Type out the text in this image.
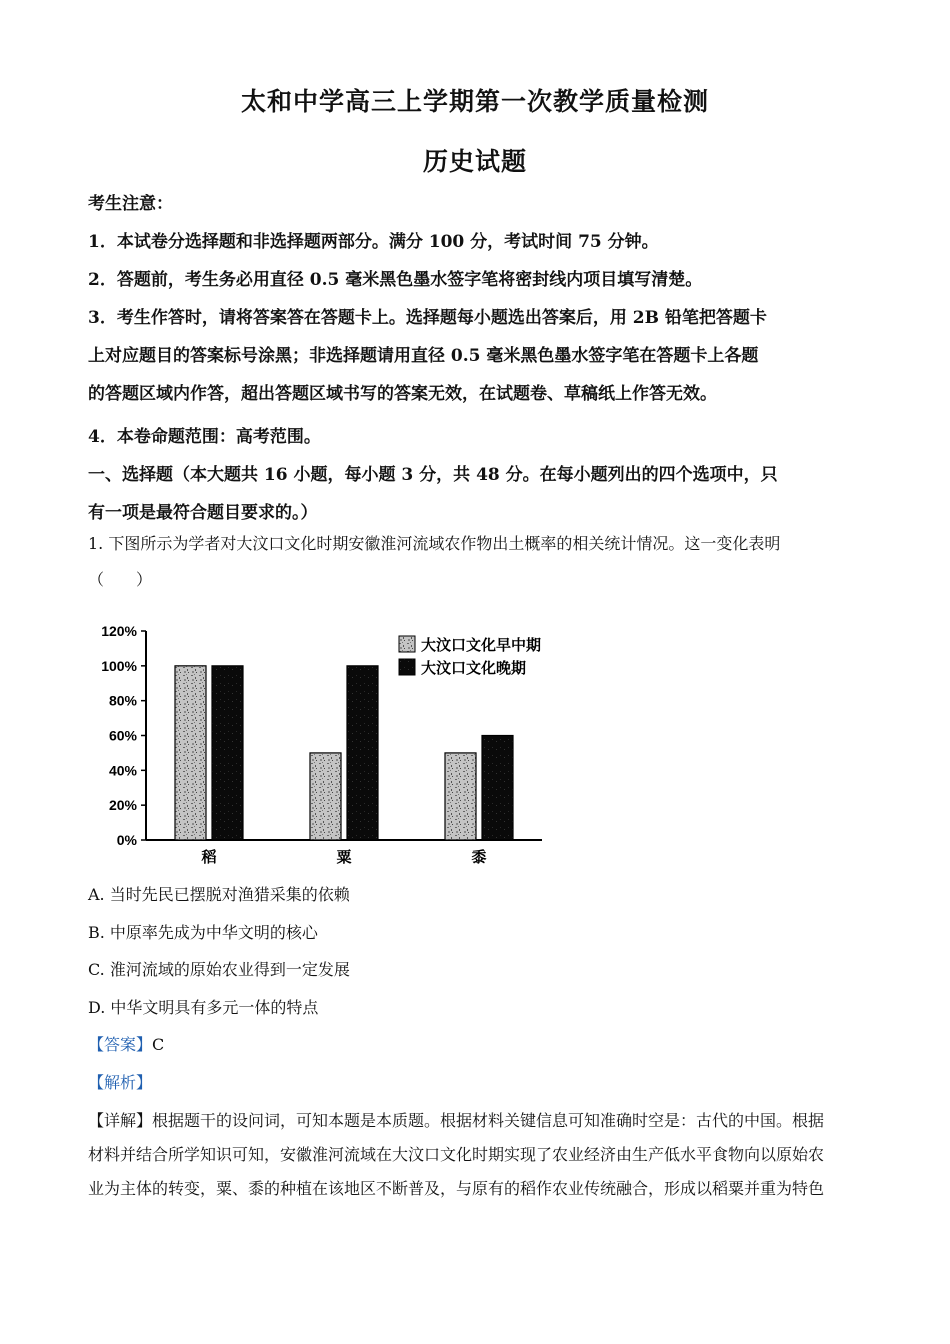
太和中学高三上学期第一次教学质量检测
历史试题
考生注意：
1．本试卷分选择题和非选择题两部分。满分 100 分，考试时间 75 分钟。
2．答题前，考生务必用直径 0.5 毫米黑色墨水签字笔将密封线内项目填写清楚。
3．考生作答时，请将答案答在答题卡上。选择题每小题选出答案后，用 2B 铅笔把答题卡
上对应题目的答案标号涂黑；非选择题请用直径 0.5 毫米黑色墨水签字笔在答题卡上各题
的答题区域内作答，超出答题区域书写的答案无效，在试题卷、草稿纸上作答无效。
4．本卷命题范围：高考范围。
一、选择题（本大题共 16 小题，每小题 3 分，共 48 分。在每小题列出的四个选项中，只
有一项是最符合题目要求的。）
1. 下图所示为学者对大汶口文化时期安徽淮河流域农作物出土概率的相关统计情况。这一变化表明
（　　）
0%
20%
40%
60%
80%
100%
120%
稻	粟	黍
大汶口文化早中期
大汶口文化晚期
A. 当时先民已摆脱对渔猎采集的依赖
B. 中原率先成为中华文明的核心
C. 淮河流域的原始农业得到一定发展
D. 中华文明具有多元一体的特点
【答案】C
【解析】
【详解】根据题干的设问词，可知本题是本质题。根据材料关键信息可知准确时空是：古代的中国。根据
材料并结合所学知识可知，安徽淮河流域在大汶口文化时期实现了农业经济由生产低水平食物向以原始农
业为主体的转变，粟、黍的种植在该地区不断普及，与原有的稻作农业传统融合，形成以稻粟并重为特色
